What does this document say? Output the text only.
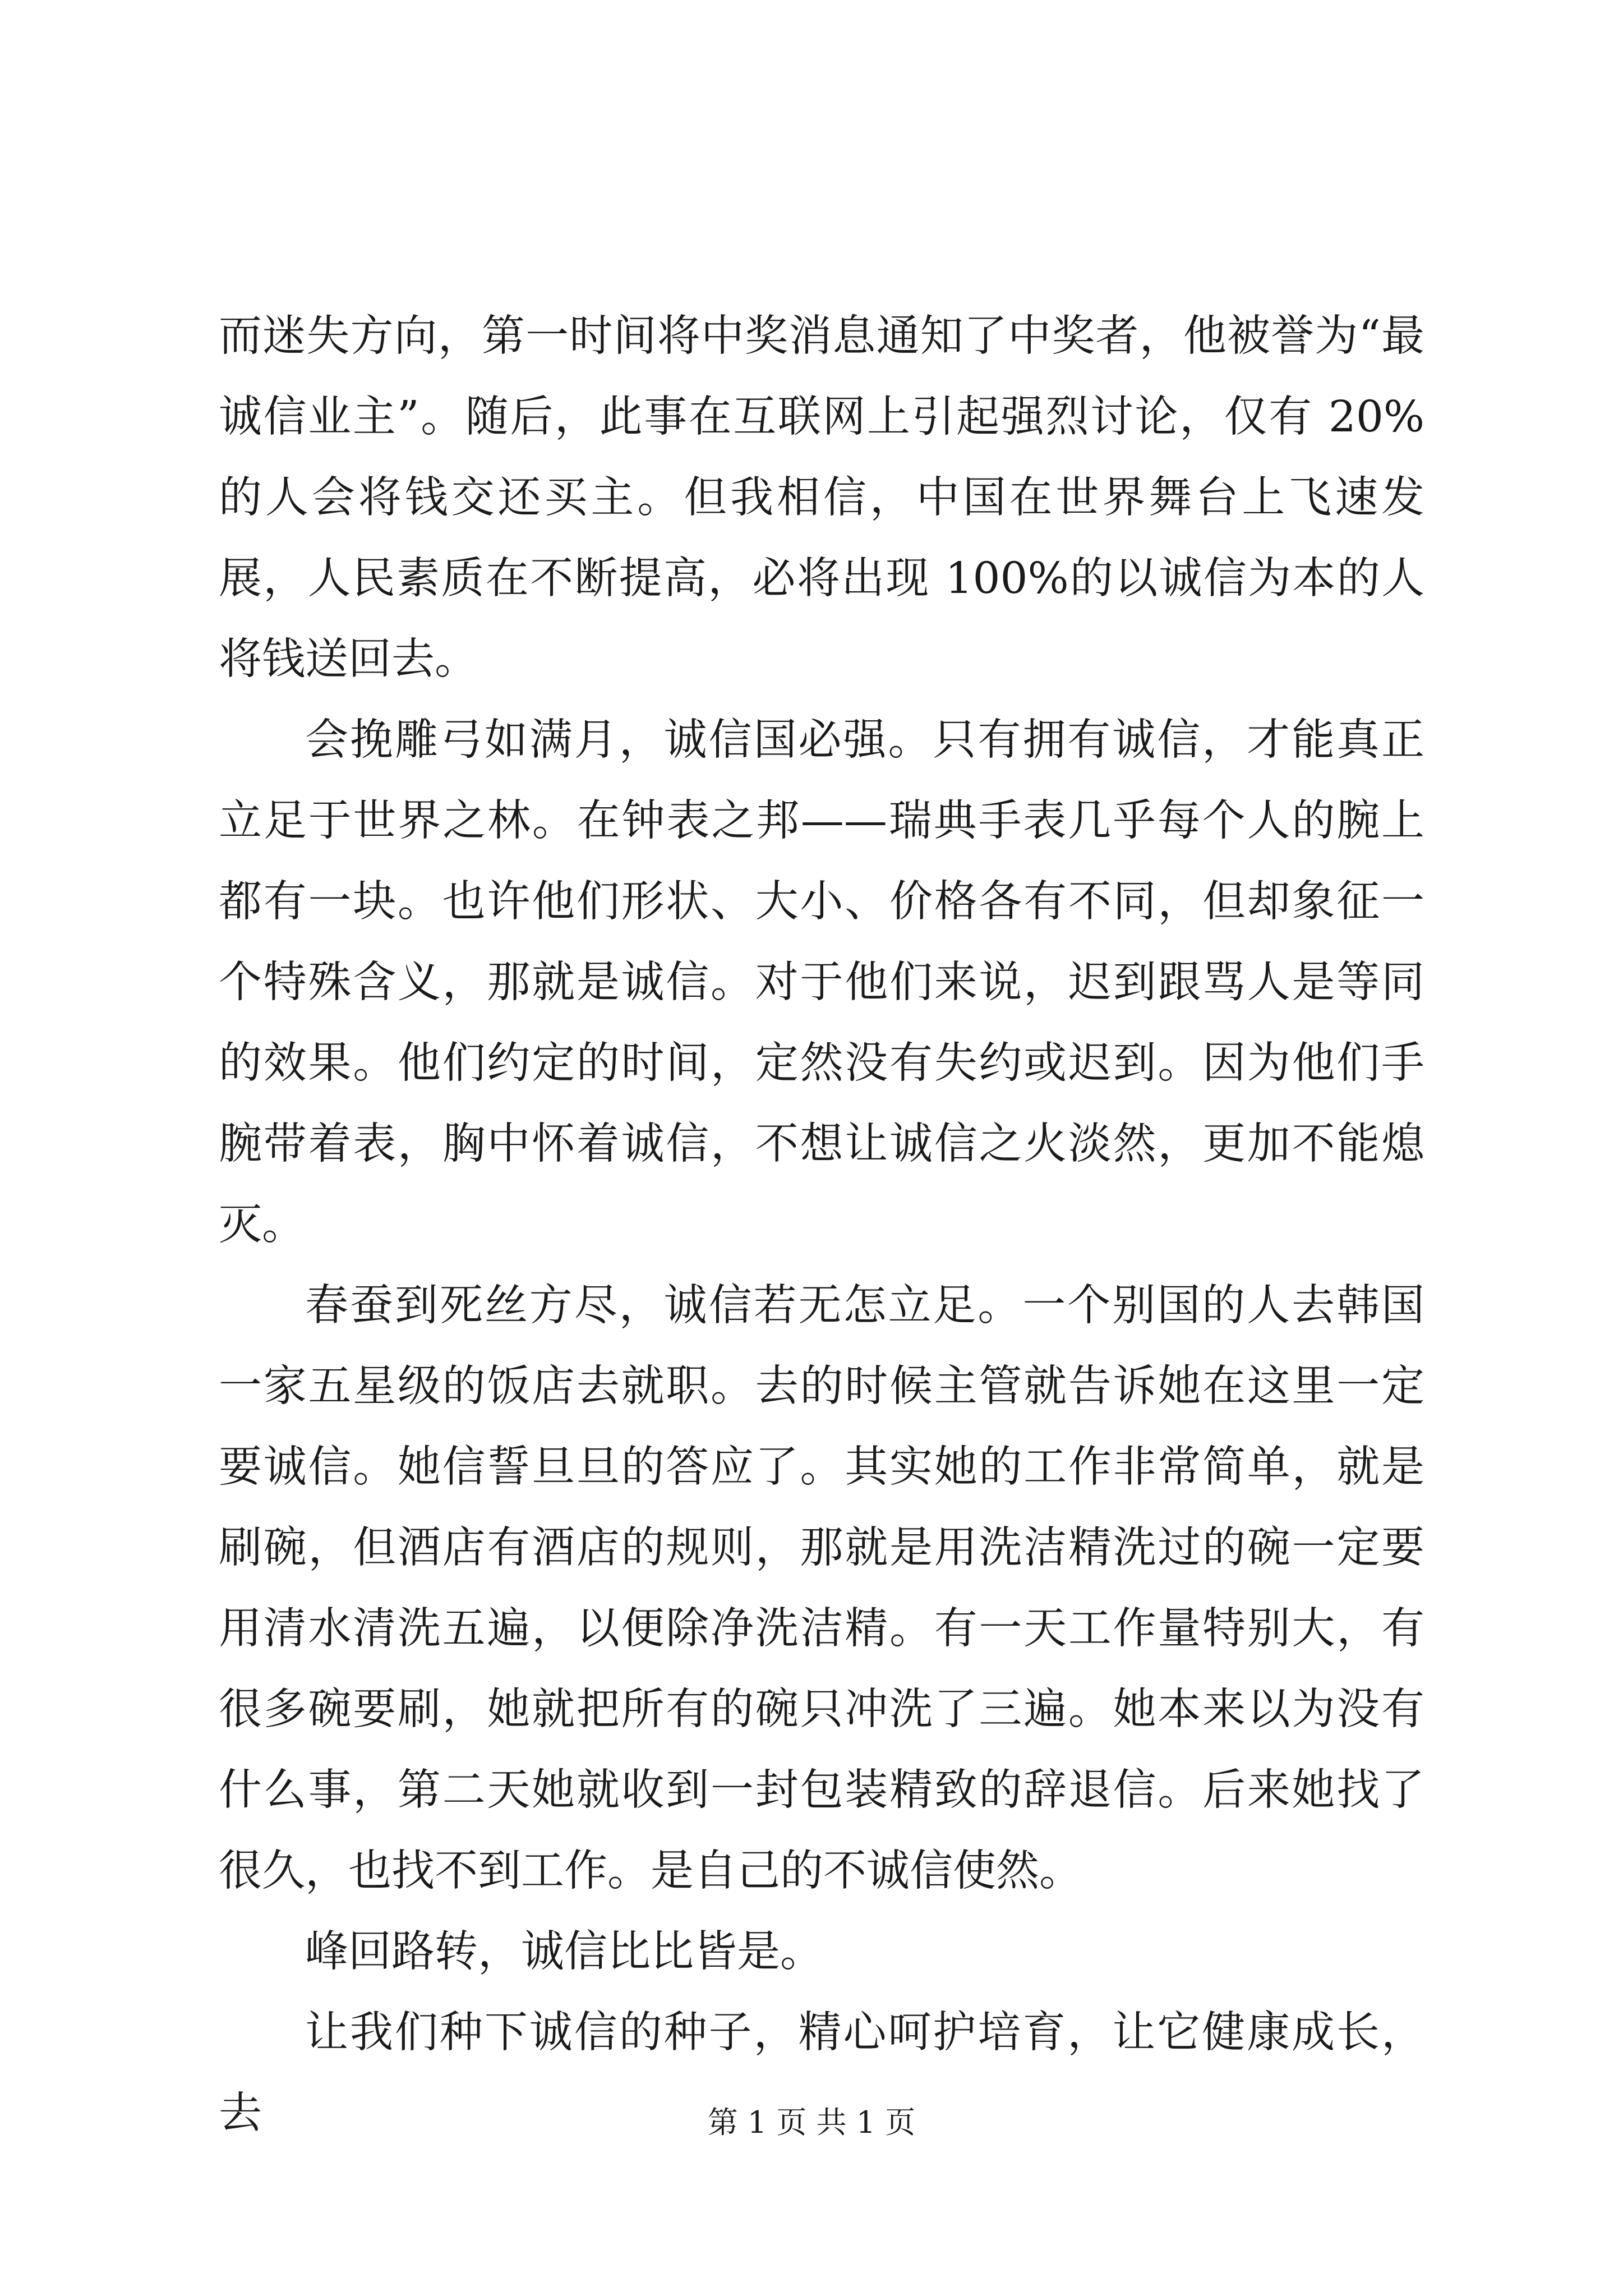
而迷失方向，第一时间将中奖消息通知了中奖者，他被誉为“最诚信业主”。随后，此事在互联网上引起强烈讨论，仅有 20%的人会将钱交还买主。但我相信，中国在世界舞台上飞速发展，人民素质在不断提高，必将出现 100%的以诚信为本的人将钱送回去。

会挽雕弓如满月，诚信国必强。只有拥有诚信，才能真正立足于世界之林。在钟表之邦——瑞典手表几乎每个人的腕上都有一块。也许他们形状、大小、价格各有不同，但却象征一个特殊含义，那就是诚信。对于他们来说，迟到跟骂人是等同的效果。他们约定的时间，定然没有失约或迟到。因为他们手腕带着表，胸中怀着诚信，不想让诚信之火淡然，更加不能熄灭。

春蚕到死丝方尽，诚信若无怎立足。一个别国的人去韩国一家五星级的饭店去就职。去的时候主管就告诉她在这里一定要诚信。她信誓旦旦的答应了。其实她的工作非常简单，就是刷碗，但酒店有酒店的规则，那就是用洗洁精洗过的碗一定要用清水清洗五遍，以便除净洗洁精。有一天工作量特别大，有很多碗要刷，她就把所有的碗只冲洗了三遍。她本来以为没有什么事，第二天她就收到一封包装精致的辞退信。后来她找了很久，也找不到工作。是自己的不诚信使然。

峰回路转，诚信比比皆是。

让我们种下诚信的种子，精心呵护培育，让它健康成长，去	第 1 页 共 1 页
